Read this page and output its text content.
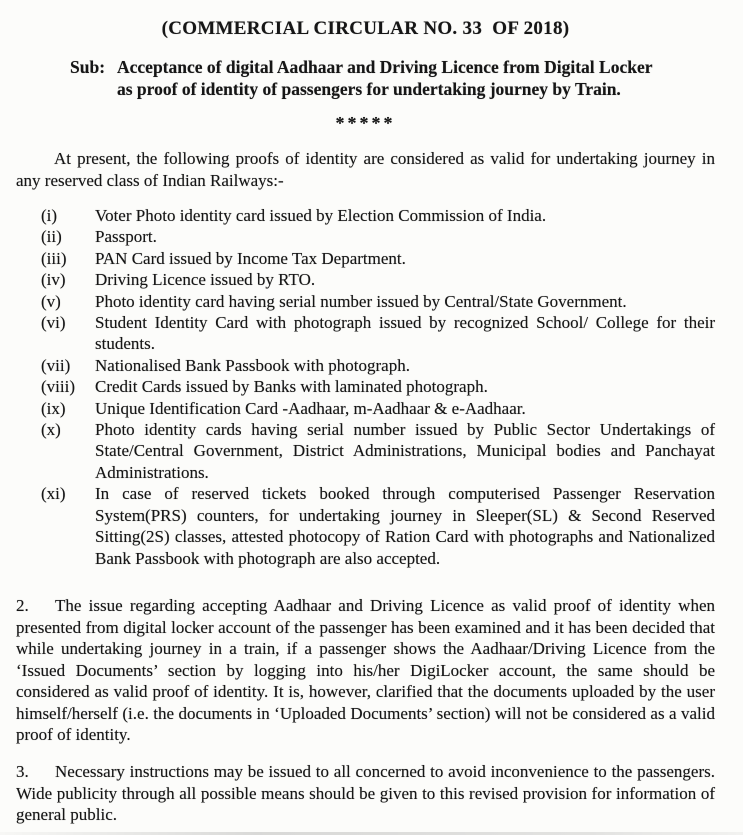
(COMMERCIAL CIRCULAR NO. 33  OF 2018)
Sub: Acceptance of digital Aadhaar and Driving Licence from Digital Locker
as proof of identity of passengers for undertaking journey by Train.
*****

At present, the following proofs of identity are considered as valid for undertaking journey in any reserved class of Indian Railways:-

(i)	Voter Photo identity card issued by Election Commission of India.
(ii)	Passport.
(iii)	PAN Card issued by Income Tax Department.
(iv)	Driving Licence issued by RTO.
(v)	Photo identity card having serial number issued by Central/State Government.
(vi)	Student Identity Card with photograph issued by recognized School/ College for their students.
(vii)	Nationalised Bank Passbook with photograph.
(viii)	Credit Cards issued by Banks with laminated photograph.
(ix)	Unique Identification Card -Aadhaar, m-Aadhaar & e-Aadhaar.
(x)	Photo identity cards having serial number issued by Public Sector Undertakings of State/Central Government, District Administrations, Municipal bodies and Panchayat Administrations.
(xi)	In case of reserved tickets booked through computerised Passenger Reservation System(PRS) counters, for undertaking journey in Sleeper(SL) & Second Reserved Sitting(2S) classes, attested photocopy of Ration Card with photographs and Nationalized Bank Passbook with photograph are also accepted.

2. The issue regarding accepting Aadhaar and Driving Licence as valid proof of identity when presented from digital locker account of the passenger has been examined and it has been decided that while undertaking journey in a train, if a passenger shows the Aadhaar/Driving Licence from the ‘Issued Documents’ section by logging into his/her DigiLocker account, the same should be considered as valid proof of identity. It is, however, clarified that the documents uploaded by the user himself/herself (i.e. the documents in ‘Uploaded Documents’ section) will not be considered as a valid proof of identity.

3. Necessary instructions may be issued to all concerned to avoid inconvenience to the passengers. Wide publicity through all possible means should be given to this revised provision for information of general public.
